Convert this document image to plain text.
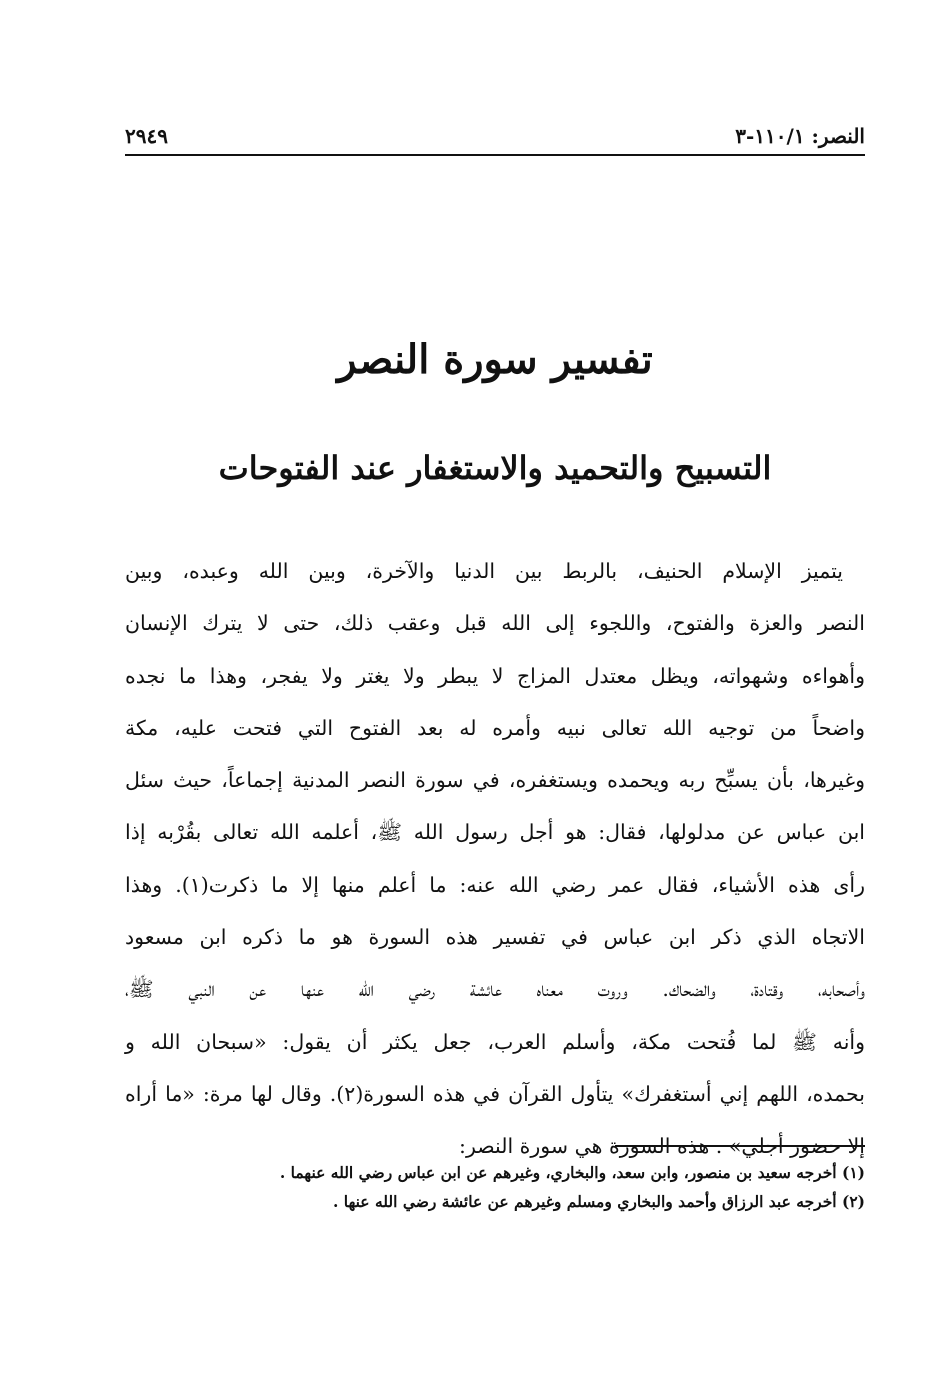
النصر: ١١٠/١-٣
٢٩٤٩
تفسير سورة النصر
التسبيح والتحميد والاستغفار عند الفتوحات
يتميز الإسلام الحنيف، بالربط بين الدنيا والآخرة، وبين الله وعبده، وبين
النصر والعزة والفتوح، واللجوء إلى الله قبل وعقب ذلك، حتى لا يترك الإنسان
وأهواءه وشهواته، ويظل معتدل المزاج لا يبطر ولا يغتر ولا يفجر، وهذا ما نجده
واضحاً من توجيه الله تعالى نبيه وأمره له بعد الفتوح التي فتحت عليه، مكة
وغيرها، بأن يسبِّح ربه ويحمده ويستغفره، في سورة النصر المدنية إجماعاً، حيث سئل
ابن عباس عن مدلولها، فقال: هو أجل رسول الله ﷺ، أعلمه الله تعالى بقُرْبه إذا
رأى هذه الأشياء، فقال عمر رضي الله عنه: ما أعلم منها إلا ما ذكرت(١). وهذا
الاتجاه الذي ذكر ابن عباس في تفسير هذه السورة هو ما ذكره ابن مسعود
وأصحابه، وقتادة، والضحاك. وروت معناه عائشة رضي الله عنها عن النبي ﷺ،
وأنه ﷺ لما فُتحت مكة، وأسلم العرب، جعل يكثر أن يقول: «سبحان الله و
بحمده، اللهم إني أستغفرك» يتأول القرآن في هذه السورة(٢). وقال لها مرة: «ما أراه
إلا حضور أجلي» . هذه السورة هي سورة النصر:
(١) أخرجه سعيد بن منصور، وابن سعد، والبخاري، وغيرهم عن ابن عباس رضي الله عنهما .
(٢) أخرجه عبد الرزاق وأحمد والبخاري ومسلم وغيرهم عن عائشة رضي الله عنها .
